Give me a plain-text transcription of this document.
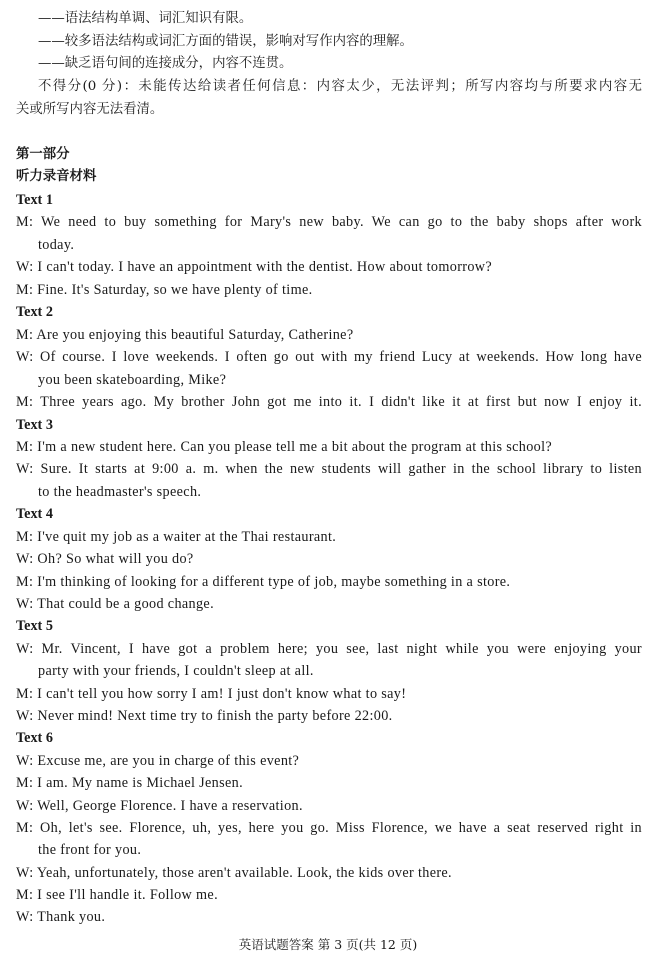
——语法结构单调、词汇知识有限。
——较多语法结构或词汇方面的错误，影响对写作内容的理解。
——缺乏语句间的连接成分，内容不连贯。
不得分(0 分)：未能传达给读者任何信息：内容太少，无法评判；所写内容均与所要求内容无
关或所写内容无法看清。
第一部分
听力录音材料
Text 1
M: We need to buy something for Mary's new baby. We can go to the baby shops after work
today.
W: I can't today. I have an appointment with the dentist. How about tomorrow?
M: Fine. It's Saturday, so we have plenty of time.
Text 2
M: Are you enjoying this beautiful Saturday, Catherine?
W: Of course. I love weekends. I often go out with my friend Lucy at weekends. How long have
you been skateboarding, Mike?
M: Three years ago. My brother John got me into it. I didn't like it at first but now I enjoy it.
Text 3
M: I'm a new student here. Can you please tell me a bit about the program at this school?
W: Sure. It starts at 9:00 a. m. when the new students will gather in the school library to listen
to the headmaster's speech.
Text 4
M: I've quit my job as a waiter at the Thai restaurant.
W: Oh? So what will you do?
M: I'm thinking of looking for a different type of job, maybe something in a store.
W: That could be a good change.
Text 5
W: Mr. Vincent, I have got a problem here; you see, last night while you were enjoying your
party with your friends, I couldn't sleep at all.
M: I can't tell you how sorry I am! I just don't know what to say!
W: Never mind! Next time try to finish the party before 22:00.
Text 6
W: Excuse me, are you in charge of this event?
M: I am. My name is Michael Jensen.
W: Well, George Florence. I have a reservation.
M: Oh, let's see. Florence, uh, yes, here you go. Miss Florence, we have a seat reserved right in
the front for you.
W: Yeah, unfortunately, those aren't available. Look, the kids over there.
M: I see I'll handle it. Follow me.
W: Thank you.
英语试题答案 第 3 页(共 12 页)
